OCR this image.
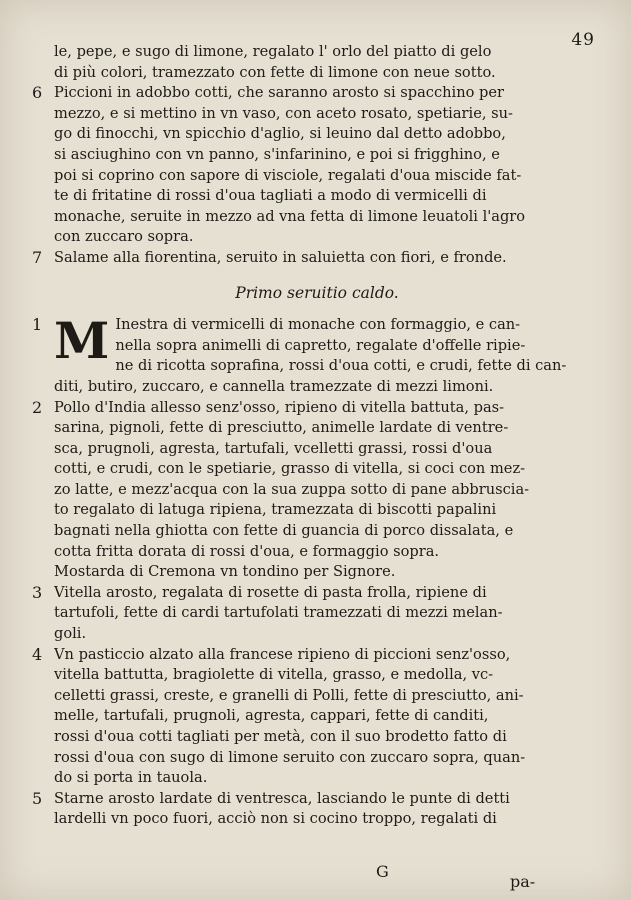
49
le, pepe, e sugo di limone, regalato l' orlo del piatto di gelo
di più colori, tramezzato con fette di limone con neue sotto.
6 Piccioni in adobbo cotti, che saranno arosto si spacchino per
mezzo, e si mettino in vn vaso, con aceto rosato, spetiarie, su-
go di finocchi, vn spicchio d'aglio, si leuino dal detto adobbo,
si asciughino con vn panno, s'infarinino, e poi si frigghino, e
poi si coprino con sapore di visciole, regalati d'oua miscide fat-
te di fritatine di rossi d'oua tagliati a modo di vermicelli di
monache, seruite in mezzo ad vna fetta di limone leuatoli l'agro
con zuccaro sopra.
7 Salame alla fiorentina, seruito in saluietta con fiori, e fronde.
Primo seruitio caldo.
1 M Inestra di vermicelli di monache con formaggio, e can-
nella sopra animelli di capretto, regalate d'offelle ripie-
ne di ricotta soprafina, rossi d'oua cotti, e crudi, fette di can-
diti, butiro, zuccaro, e cannella tramezzate di mezzi limoni.
2 Pollo d'India allesso senz'osso, ripieno di vitella battuta, pas-
sarina, pignoli, fette di presciutto, animelle lardate di ventre-
sca, prugnoli, agresta, tartufali, vcelletti grassi, rossi d'oua
cotti, e crudi, con le spetiarie, grasso di vitella, si coci con mez-
zo latte, e mezz'acqua con la sua zuppa sotto di pane abbruscia-
to regalato di latuga ripiena, tramezzata di biscotti papalini
bagnati nella ghiotta con fette di guancia di porco dissalata, e
cotta fritta dorata di rossi d'oua, e formaggio sopra.
Mostarda di Cremona vn tondino per Signore.
3 Vitella arosto, regalata di rosette di pasta frolla, ripiene di
tartufoli, fette di cardi tartufolati tramezzati di mezzi melan-
goli.
4 Vn pasticcio alzato alla francese ripieno di piccioni senz'osso,
vitella battutta, bragiolette di vitella, grasso, e medolla, vc-
celletti grassi, creste, e granelli di Polli, fette di presciutto, ani-
melle, tartufali, prugnoli, agresta, cappari, fette di canditi,
rossi d'oua cotti tagliati per metà, con il suo brodetto fatto di
rossi d'oua con sugo di limone seruito con zuccaro sopra, quan-
do si porta in tauola.
5 Starne arosto lardate di ventresca, lasciando le punte di detti
lardelli vn poco fuori, acciò non si cocino troppo, regalati di
G
pa-
